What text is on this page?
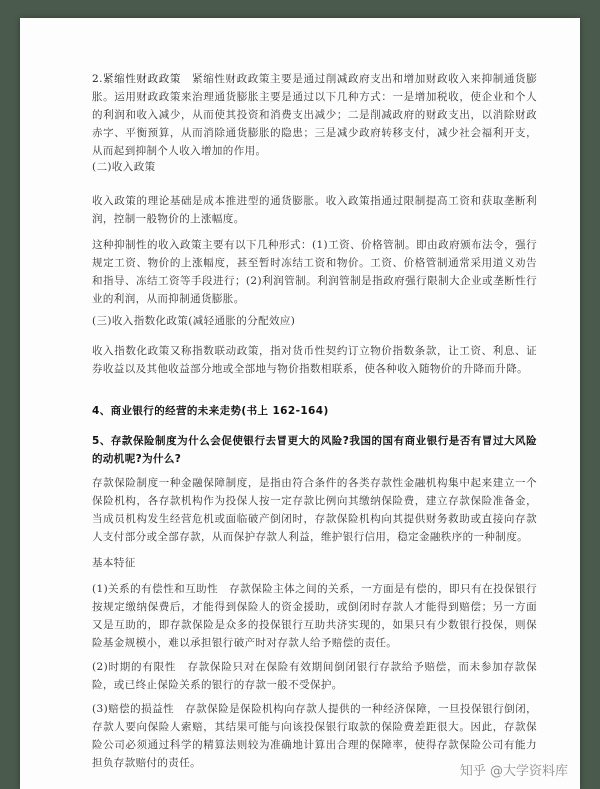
2.紧缩性财政政策　 紧缩性财政政策主要是通过削减政府支出和增加财政收入来抑制通货膨胀。运用财政政策来治理通货膨胀主要是通过以下几种方式：一是增加税收，使企业和个人的利润和收入减少，从而使其投资和消费支出减少；二是削减政府的财政支出，以消除财政赤字、平衡预算，从而消除通货膨胀的隐患；三是减少政府转移支付，减少社会福利开支，从而起到抑制个人收入增加的作用。

(二)收入政策

收入政策的理论基础是成本推进型的通货膨胀。收入政策指通过限制提高工资和获取垄断利润，控制一般物价的上涨幅度。

这种抑制性的收入政策主要有以下几种形式：(1)工资、价格管制。即由政府颁布法令，强行规定工资、物价的上涨幅度，甚至暂时冻结工资和物价。工资、价格管制通常采用道义劝告和指导、冻结工资等手段进行；(2)利润管制。利润管制是指政府强行限制大企业或垄断性行业的利润，从而抑制通货膨胀。

(三)收入指数化政策(减轻通胀的分配效应)

收入指数化政策又称指数联动政策，指对货币性契约订立物价指数条款，让工资、利息、证券收益以及其他收益部分地或全部地与物价指数相联系，使各种收入随物价的升降而升降。

4、商业银行的经营的未来走势(书上 162-164)

5、存款保险制度为什么会促使银行去冒更大的风险?我国的国有商业银行是否有冒过大风险的动机呢?为什么?

存款保险制度一种金融保障制度，是指由符合条件的各类存款性金融机构集中起来建立一个保险机构，各存款机构作为投保人按一定存款比例向其缴纳保险费，建立存款保险准备金，当成员机构发生经营危机或面临破产倒闭时，存款保险机构向其提供财务救助或直接向存款人支付部分或全部存款，从而保护存款人利益，维护银行信用，稳定金融秩序的一种制度。

基本特征

(1)关系的有偿性和互助性　存款保险主体之间的关系，一方面是有偿的，即只有在投保银行按规定缴纳保费后，才能得到保险人的资金援助，或倒闭时存款人才能得到赔偿；另一方面又是互助的，即存款保险是众多的投保银行互助共济实现的，如果只有少数银行投保，则保险基金规模小，难以承担银行破产时对存款人给予赔偿的责任。

(2)时期的有限性　存款保险只对在保险有效期间倒闭银行存款给予赔偿，而未参加存款保险，或已终止保险关系的银行的存款一般不受保护。

(3)赔偿的损益性　存款保险是保险机构向存款人提供的一种经济保障，一旦投保银行倒闭，存款人要向保险人索赔，其结果可能与向该投保银行取款的保险费差距很大。因此，存款保险公司必须通过科学的精算法则较为准确地计算出合理的保障率，使得存款保险公司有能力担负存款赔付的责任。

知乎 @大学资料库
